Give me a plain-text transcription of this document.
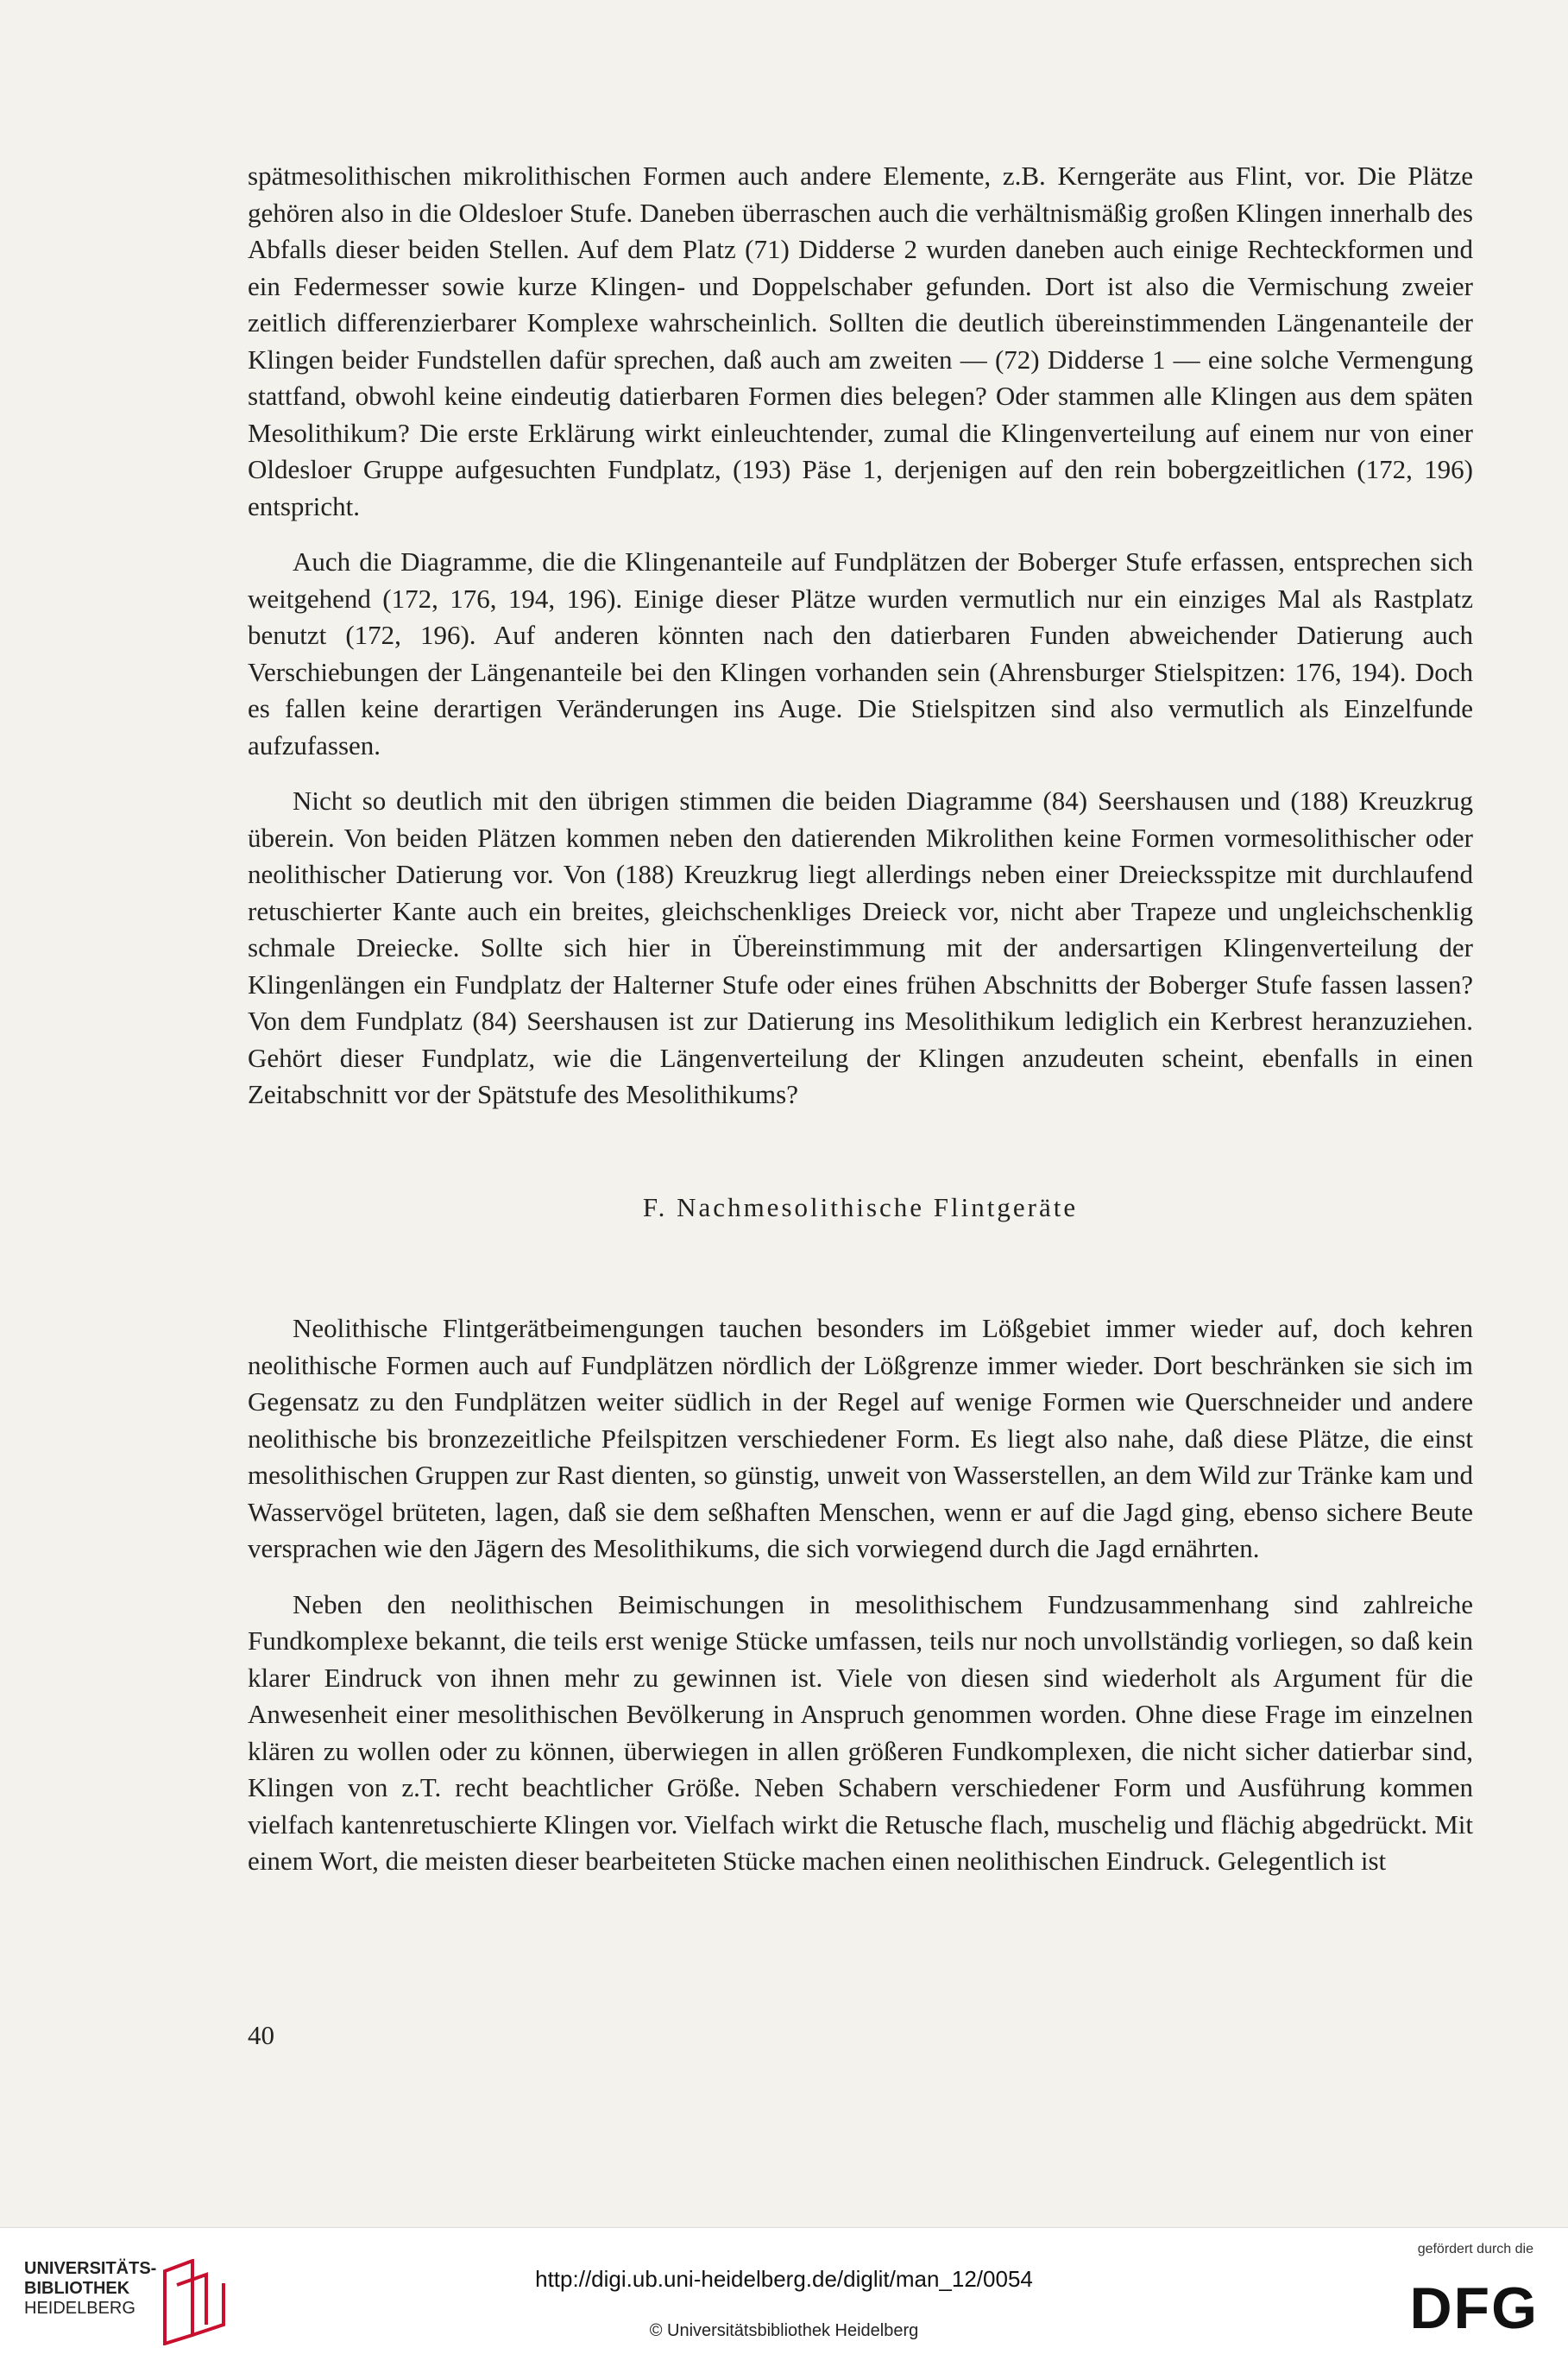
spätmesolithischen mikrolithischen Formen auch andere Elemente, z.B. Kerngeräte aus Flint, vor. Die Plätze gehören also in die Oldesloer Stufe. Daneben überraschen auch die verhältnismäßig großen Klingen innerhalb des Abfalls dieser beiden Stellen. Auf dem Platz (71) Didderse 2 wurden daneben auch einige Rechteckformen und ein Federmesser sowie kurze Klingen- und Doppelschaber gefunden. Dort ist also die Vermischung zweier zeitlich differenzierbarer Komplexe wahrscheinlich. Sollten die deutlich übereinstimmenden Längenanteile der Klingen beider Fundstellen dafür sprechen, daß auch am zweiten — (72) Didderse 1 — eine solche Vermengung stattfand, obwohl keine eindeutig datierbaren Formen dies belegen? Oder stammen alle Klingen aus dem späten Mesolithikum? Die erste Erklärung wirkt einleuchtender, zumal die Klingenverteilung auf einem nur von einer Oldesloer Gruppe aufgesuchten Fundplatz, (193) Päse 1, derjenigen auf den rein bobergzeitlichen (172, 196) entspricht.

Auch die Diagramme, die die Klingenanteile auf Fundplätzen der Boberger Stufe erfassen, entsprechen sich weitgehend (172, 176, 194, 196). Einige dieser Plätze wurden vermutlich nur ein einziges Mal als Rastplatz benutzt (172, 196). Auf anderen könnten nach den datierbaren Funden abweichender Datierung auch Verschiebungen der Längenanteile bei den Klingen vorhanden sein (Ahrensburger Stielspitzen: 176, 194). Doch es fallen keine derartigen Veränderungen ins Auge. Die Stielspitzen sind also vermutlich als Einzelfunde aufzufassen.

Nicht so deutlich mit den übrigen stimmen die beiden Diagramme (84) Seershausen und (188) Kreuzkrug überein. Von beiden Plätzen kommen neben den datierenden Mikrolithen keine Formen vormesolithischer oder neolithischer Datierung vor. Von (188) Kreuzkrug liegt allerdings neben einer Dreiecksspitze mit durchlaufend retuschierter Kante auch ein breites, gleichschenkliges Dreieck vor, nicht aber Trapeze und ungleichschenklig schmale Dreiecke. Sollte sich hier in Übereinstimmung mit der andersartigen Klingenverteilung der Klingenlängen ein Fundplatz der Halterner Stufe oder eines frühen Abschnitts der Boberger Stufe fassen lassen? Von dem Fundplatz (84) Seershausen ist zur Datierung ins Mesolithikum lediglich ein Kerbrest heranzuziehen. Gehört dieser Fundplatz, wie die Längenverteilung der Klingen anzudeuten scheint, ebenfalls in einen Zeitabschnitt vor der Spätstufe des Mesolithikums?

F. Nachmesolithische Flintgeräte

Neolithische Flintgerätbeimengungen tauchen besonders im Lößgebiet immer wieder auf, doch kehren neolithische Formen auch auf Fundplätzen nördlich der Lößgrenze immer wieder. Dort beschränken sie sich im Gegensatz zu den Fundplätzen weiter südlich in der Regel auf wenige Formen wie Querschneider und andere neolithische bis bronzezeitliche Pfeilspitzen verschiedener Form. Es liegt also nahe, daß diese Plätze, die einst mesolithischen Gruppen zur Rast dienten, so günstig, unweit von Wasserstellen, an dem Wild zur Tränke kam und Wasservögel brüteten, lagen, daß sie dem seßhaften Menschen, wenn er auf die Jagd ging, ebenso sichere Beute versprachen wie den Jägern des Mesolithikums, die sich vorwiegend durch die Jagd ernährten.

Neben den neolithischen Beimischungen in mesolithischem Fundzusammenhang sind zahlreiche Fundkomplexe bekannt, die teils erst wenige Stücke umfassen, teils nur noch unvollständig vorliegen, so daß kein klarer Eindruck von ihnen mehr zu gewinnen ist. Viele von diesen sind wiederholt als Argument für die Anwesenheit einer mesolithischen Bevölkerung in Anspruch genommen worden. Ohne diese Frage im einzelnen klären zu wollen oder zu können, überwiegen in allen größeren Fundkomplexen, die nicht sicher datierbar sind, Klingen von z.T. recht beachtlicher Größe. Neben Schabern verschiedener Form und Ausführung kommen vielfach kantenretuschierte Klingen vor. Vielfach wirkt die Retusche flach, muschelig und flächig abgedrückt. Mit einem Wort, die meisten dieser bearbeiteten Stücke machen einen neolithischen Eindruck. Gelegentlich ist

40
UNIVERSITÄTS-
BIBLIOTHEK
HEIDELBERG
http://digi.ub.uni-heidelberg.de/diglit/man_12/0054
© Universitätsbibliothek Heidelberg
gefördert durch die
DFG
